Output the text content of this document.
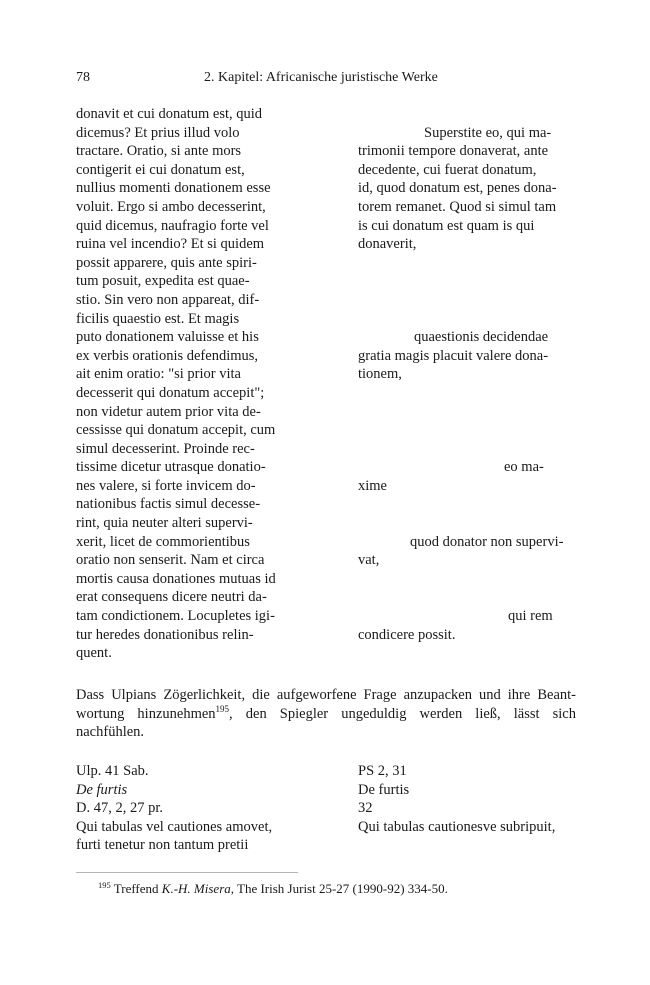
78	2. Kapitel: Africanische juristische Werke
donavit et cui donatum est, quid
dicemus? Et prius illud volo
tractare. Oratio, si ante mors
contigerit ei cui donatum est,
nullius momenti donationem esse
voluit. Ergo si ambo decesserint,
quid dicemus, naufragio forte vel
ruina vel incendio? Et si quidem
possit apparere, quis ante spiri-
tum posuit, expedita est quae-
stio. Sin vero non appareat, dif-
ficilis quaestio est. Et magis
puto donationem valuisse et his
ex verbis orationis defendimus,
ait enim oratio: "si prior vita
decesserit qui donatum accepit";
non videtur autem prior vita de-
cessisse qui donatum accepit, cum
simul decesserint. Proinde rec-
tissime dicetur utrasque donatio-
nes valere, si forte invicem do-
nationibus factis simul decesse-
rint, quia neuter alteri supervi-
xerit, licet de commorientibus
oratio non senserit. Nam et circa
mortis causa donationes mutuas id
erat consequens dicere neutri da-
tam condictionem. Locupletes igi-
tur heredes donationibus relin-
quent.
Superstite eo, qui ma-
trimonii tempore donaverat, ante
decedente, cui fuerat donatum,
id, quod donatum est, penes dona-
torem remanet. Quod si simul tam
is cui donatum est quam is qui
donaverit,
quaestionis decidendae
gratia magis placuit valere dona-
tionem,
eo ma-
xime
quod donator non supervi-
vat,
qui rem
condicere possit.
Dass Ulpians Zögerlichkeit, die aufgeworfene Frage anzupacken und ihre Beant-
wortung hinzunehmen$^{195}$, den Spiegler ungeduldig werden ließ, lässt sich
nachfühlen.
Ulp. 41 Sab.
De furtis
D. 47, 2, 27 pr.
Qui tabulas vel cautiones amovet,
furti tenetur non tantum pretii
PS 2, 31
De furtis
32
Qui tabulas cautionesve subripuit,
$^{195}$ Treffend K.-H. Misera, The Irish Jurist 25-27 (1990-92) 334-50.
